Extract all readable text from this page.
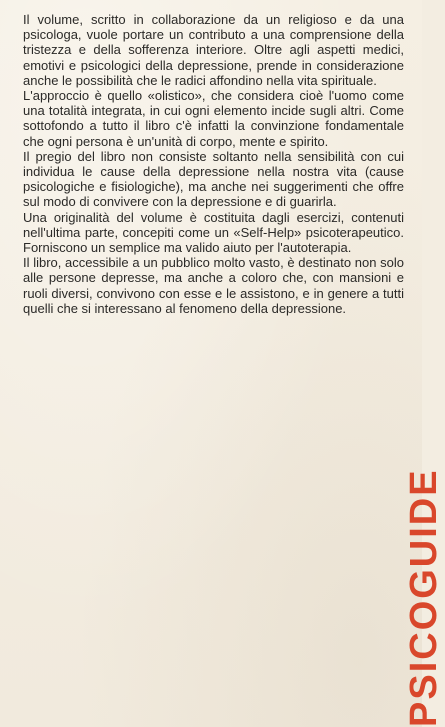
Il volume, scritto in collaborazione da un religioso e da una psicologa, vuole portare un contributo a una comprensione della tristezza e della sofferenza interiore. Oltre agli aspetti medici, emotivi e psicologici della depressione, prende in considerazione anche le possibilità che le radici affondino nella vita spirituale.

L'approccio è quello «olistico», che considera cioè l'uomo come una totalità integrata, in cui ogni elemento incide sugli altri. Come sottofondo a tutto il libro c'è infatti la convinzione fondamentale che ogni persona è un'unità di corpo, mente e spirito.

Il pregio del libro non consiste soltanto nella sensibilità con cui individua le cause della depressione nella nostra vita (cause psicologiche e fisiologiche), ma anche nei suggerimenti che offre sul modo di convivere con la depressione e di guarirla.

Una originalità del volume è costituita dagli esercizi, contenuti nell'ultima parte, concepiti come un «Self-Help» psicoterapeutico. Forniscono un semplice ma valido aiuto per l'autoterapia.

Il libro, accessibile a un pubblico molto vasto, è destinato non solo alle persone depresse, ma anche a coloro che, con mansioni e ruoli diversi, convivono con esse e le assistono, e in genere a tutti quelli che si interessano al fenomeno della depressione.

PSICOGUIDE
